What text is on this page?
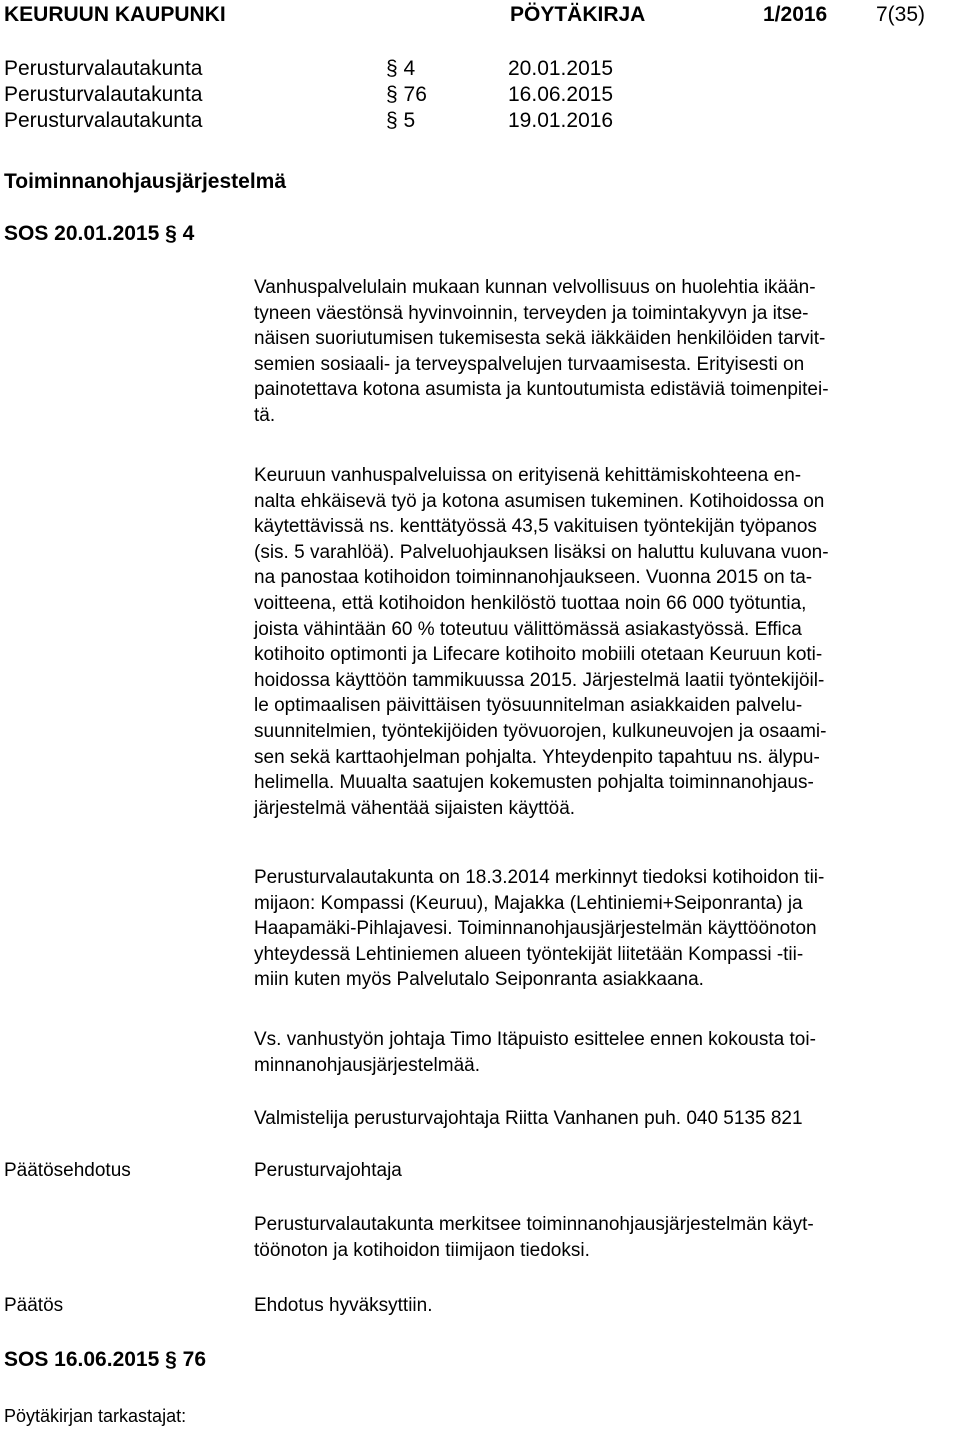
KEURUUN KAUPUNKI	PÖYTÄKIRJA	1/2016 7(35)
Perusturvalautakunta	§ 4	20.01.2015
Perusturvalautakunta	§ 76	16.06.2015
Perusturvalautakunta	§ 5	19.01.2016
Toiminnanohjausjärjestelmä
SOS 20.01.2015 § 4

Vanhuspalvelulain mukaan kunnan velvollisuus on huolehtia ikään-
tyneen väestönsä hyvinvoinnin, terveyden ja toimintakyvyn ja itse-
näisen suoriutumisen tukemisesta sekä iäkkäiden henkilöiden tarvit-
semien sosiaali- ja terveyspalvelujen turvaamisesta. Erityisesti on
painotettava kotona asumista ja kuntoutumista edistäviä toimenpitei-
tä.

Keuruun vanhuspalveluissa on erityisenä kehittämiskohteena en-
nalta ehkäisevä työ ja kotona asumisen tukeminen. Kotihoidossa on
käytettävissä ns. kenttätyössä 43,5 vakituisen työntekijän työpanos
(sis. 5 varahlöä). Palveluohjauksen lisäksi on haluttu kuluvana vuon-
na panostaa kotihoidon toiminnanohjaukseen. Vuonna 2015 on ta-
voitteena, että kotihoidon henkilöstö tuottaa noin 66 000 työtuntia,
joista vähintään 60 % toteutuu välittömässä asiakastyössä. Effica
kotihoito optimonti ja Lifecare kotihoito mobiili otetaan Keuruun koti-
hoidossa käyttöön tammikuussa 2015. Järjestelmä laatii työntekijöil-
le optimaalisen päivittäisen työsuunnitelman asiakkaiden palvelu-
suunnitelmien, työntekijöiden työvuorojen, kulkuneuvojen ja osaami-
sen sekä karttaohjelman pohjalta. Yhteydenpito tapahtuu ns. älypu-
helimella. Muualta saatujen kokemusten pohjalta toiminnanohjaus-
järjestelmä vähentää sijaisten käyttöä.

Perusturvalautakunta on 18.3.2014 merkinnyt tiedoksi kotihoidon tii-
mijaon: Kompassi (Keuruu), Majakka (Lehtiniemi+Seiponranta) ja
Haapamäki-Pihlajavesi. Toiminnanohjausjärjestelmän käyttöönoton
yhteydessä Lehtiniemen alueen työntekijät liitetään Kompassi -tii-
miin kuten myös Palvelutalo Seiponranta asiakkaana.

Vs. vanhustyön johtaja Timo Itäpuisto esittelee ennen kokousta toi-
minnanohjausjärjestelmää.

Valmistelija perusturvajohtaja Riitta Vanhanen puh. 040 5135 821

Päätösehdotus	Perusturvajohtaja

Perusturvalautakunta merkitsee toiminnanohjausjärjestelmän käyt-
töönoton ja kotihoidon tiimijaon tiedoksi.

Päätös	Ehdotus hyväksyttiin.
SOS 16.06.2015 § 76
Pöytäkirjan tarkastajat:
